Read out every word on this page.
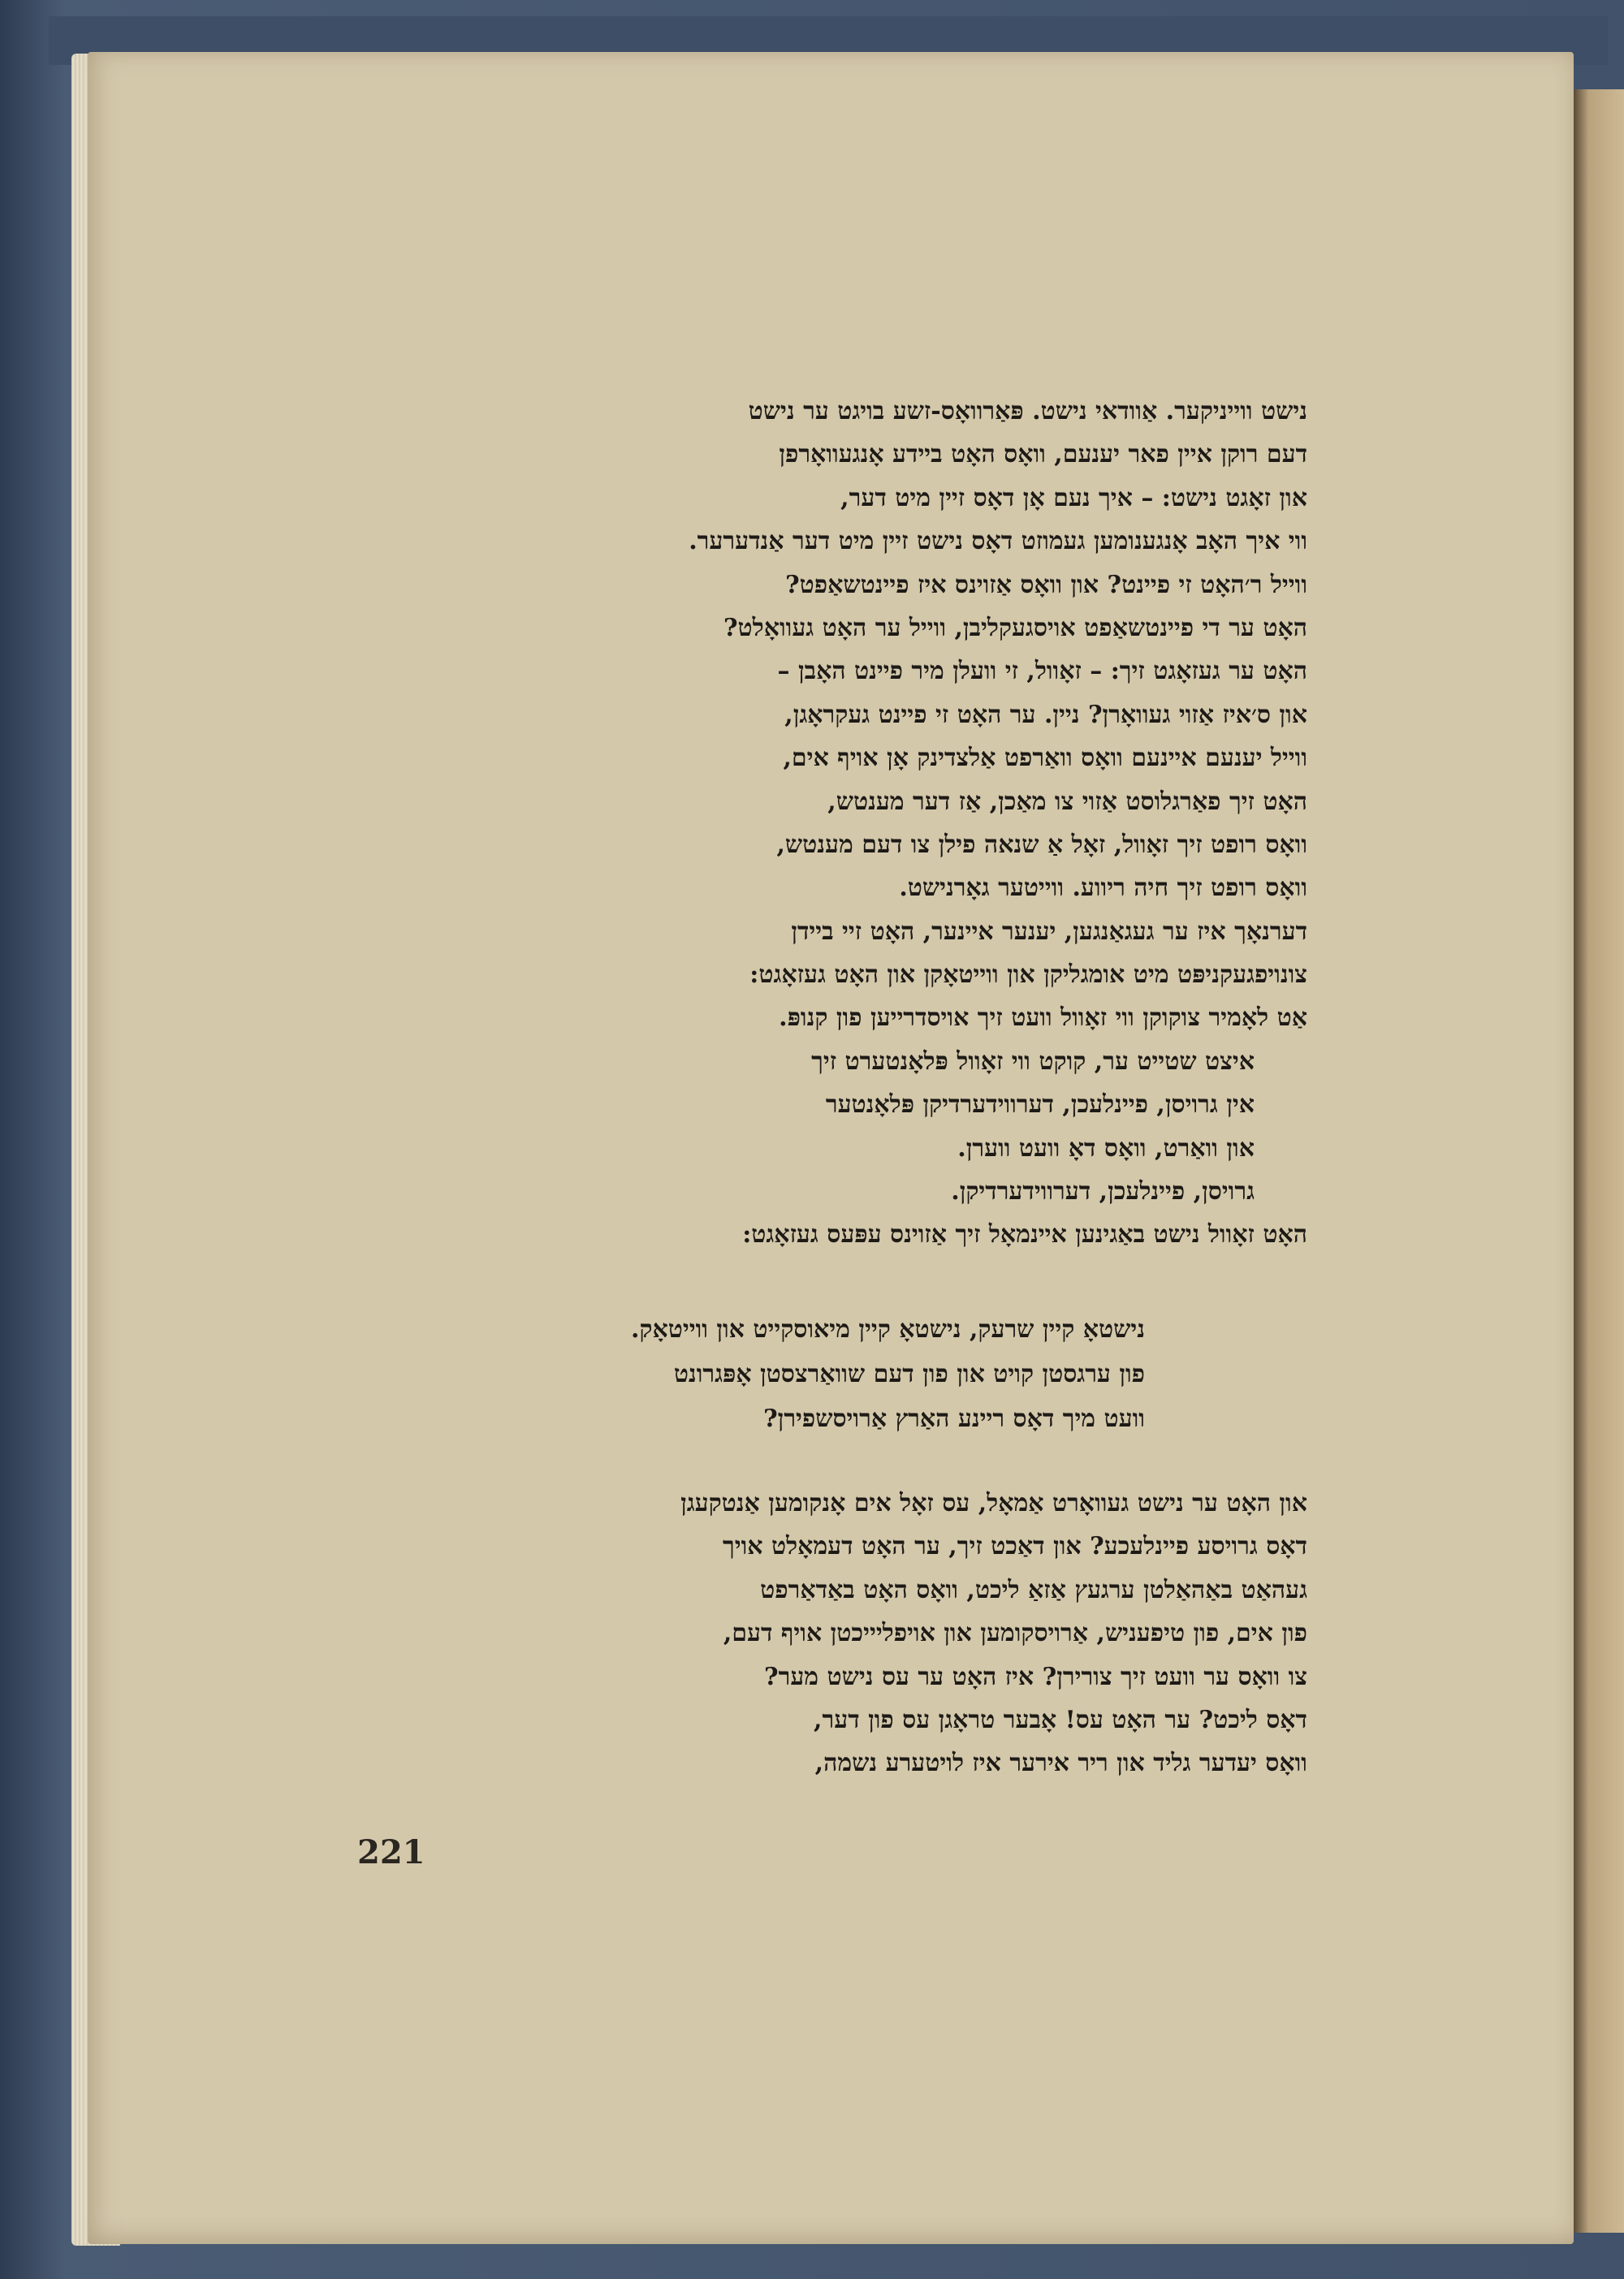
נישט ווייניקער. אַוודאי נישט. פּאַרוואָס-זשע בויגט ער נישט
דעם רוקן איין פאר יענעם, וואָס האָט ביידע אָנגעוואָרפן
און זאָגט נישט: – איך נעם אָן דאָס זיין מיט דער,
ווי איך האָב אָנגענומען געמוזט דאָס נישט זיין מיט דער אַנדערער.
ווייל ר׳האָט זי פיינט? און וואָס אַזוינס איז פיינטשאַפט?
האָט ער די פיינטשאַפט אויסגעקליבן, ווייל ער האָט געוואָלט?
האָט ער געזאָגט זיך: – זאָוול, זי וועלן מיר פיינט האָבן –
און ס׳איז אַזוי געוואָרן? ניין. ער האָט זי פיינט געקראָגן,
ווייל יענעם איינעם וואָס וואַרפט אַלצדינק אָן אויף אים,
האָט זיך פאַרגלוסט אַזוי צו מאַכן, אַז דער מענטש,
וואָס רופט זיך זאָוול, זאָל אַ שנאה פילן צו דעם מענטש,
וואָס רופט זיך חיה ריווע. ווייטער גאָרנישט.
דערנאָך איז ער געגאַנגען, יענער איינער, האָט זיי ביידן
צונויפגעקניפּט מיט אומגליקן און ווייטאָקן און האָט געזאָגט:
אַט לאָמיר צוקוקן ווי זאָוול וועט זיך אויסדרייען פון קנופּ.
איצט שטייט ער, קוקט ווי זאָוול פּלאָנטערט זיך
אין גרויסן, פיינלעכן, דערווידערדיקן פּלאָנטער
און וואַרט, וואָס דאָ וועט ווערן.
גרויסן, פיינלעכן, דערווידערדיקן.
האָט זאָוול נישט באַגינען איינמאָל זיך אַזוינס עפּעס געזאָגט:
נישטאָ קיין שרעק, נישטאָ קיין מיאוסקייט און ווייטאָק.
פון ערגסטן קויט און פון דעם שוואַרצסטן אָפּגרונט
וועט מיך דאָס ריינע האַרץ אַרויסשפירן?
און האָט ער נישט געוואָרט אַמאָל, עס זאָל אים אָנקומען אַנטקעגן
דאָס גרויסע פיינלעכע? און דאַכט זיך, ער האָט דעמאָלט אויך
געהאַט באַהאַלטן ערגעץ אַזאַ ליכט, וואָס האָט באַדאַרפט
פון אים, פון טיפעניש, אַרויסקומען און אויפליייכטן אויף דעם,
צו וואָס ער וועט זיך צורירן? איז האָט ער עס נישט מער?
דאָס ליכט? ער האָט עס! אָבער טראָגן עס פון דער,
וואָס יעדער גליד און ריר אירער איז לויטערע נשמה,
221
